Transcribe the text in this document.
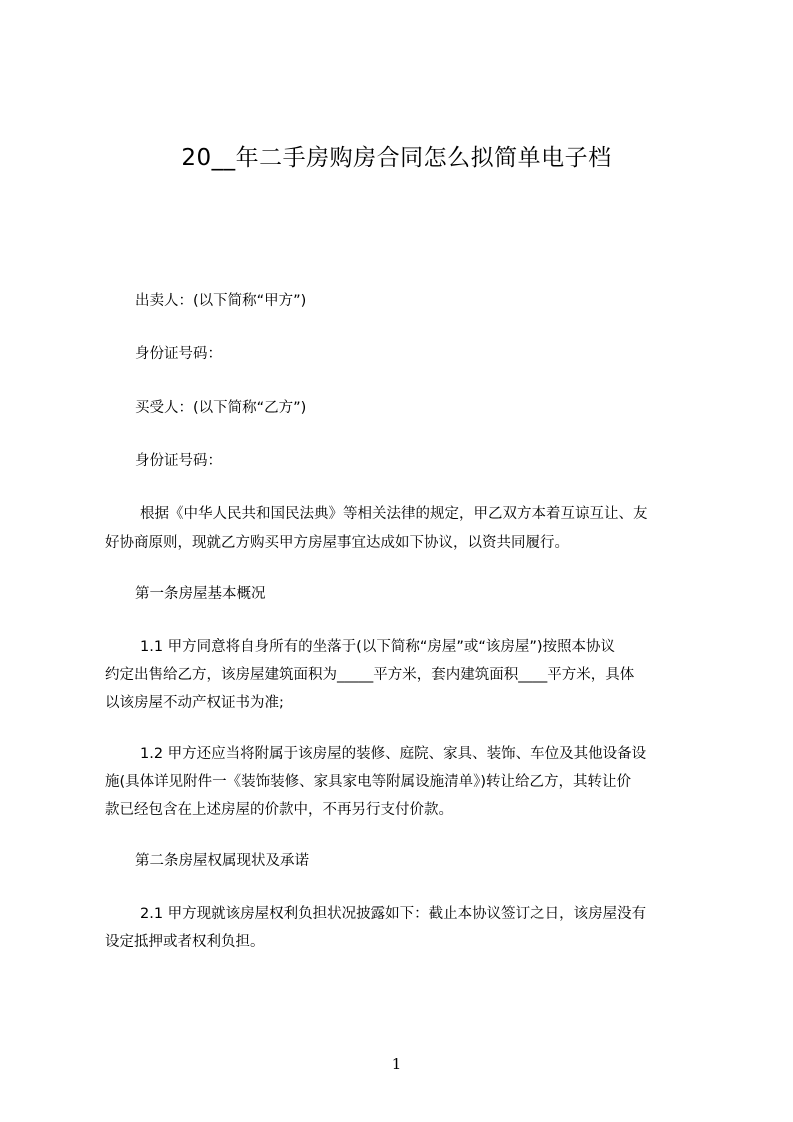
20__年二手房购房合同怎么拟简单电子档
出卖人：(以下简称“甲方”)
身份证号码：
买受人：(以下简称“乙方”)
身份证号码：
根据《中华人民共和国民法典》等相关法律的规定，甲乙双方本着互谅互让、友
好协商原则，现就乙方购买甲方房屋事宜达成如下协议，以资共同履行。
第一条房屋基本概况
1.1 甲方同意将自身所有的坐落于(以下简称“房屋”或“该房屋”)按照本协议
约定出售给乙方，该房屋建筑面积为_____平方米，套内建筑面积____平方米，具体
以该房屋不动产权证书为准;
1.2 甲方还应当将附属于该房屋的装修、庭院、家具、装饰、车位及其他设备设
施(具体详见附件一《装饰装修、家具家电等附属设施清单》)转让给乙方，其转让价
款已经包含在上述房屋的价款中，不再另行支付价款。
第二条房屋权属现状及承诺
2.1 甲方现就该房屋权利负担状况披露如下：截止本协议签订之日，该房屋没有
设定抵押或者权利负担。
1
